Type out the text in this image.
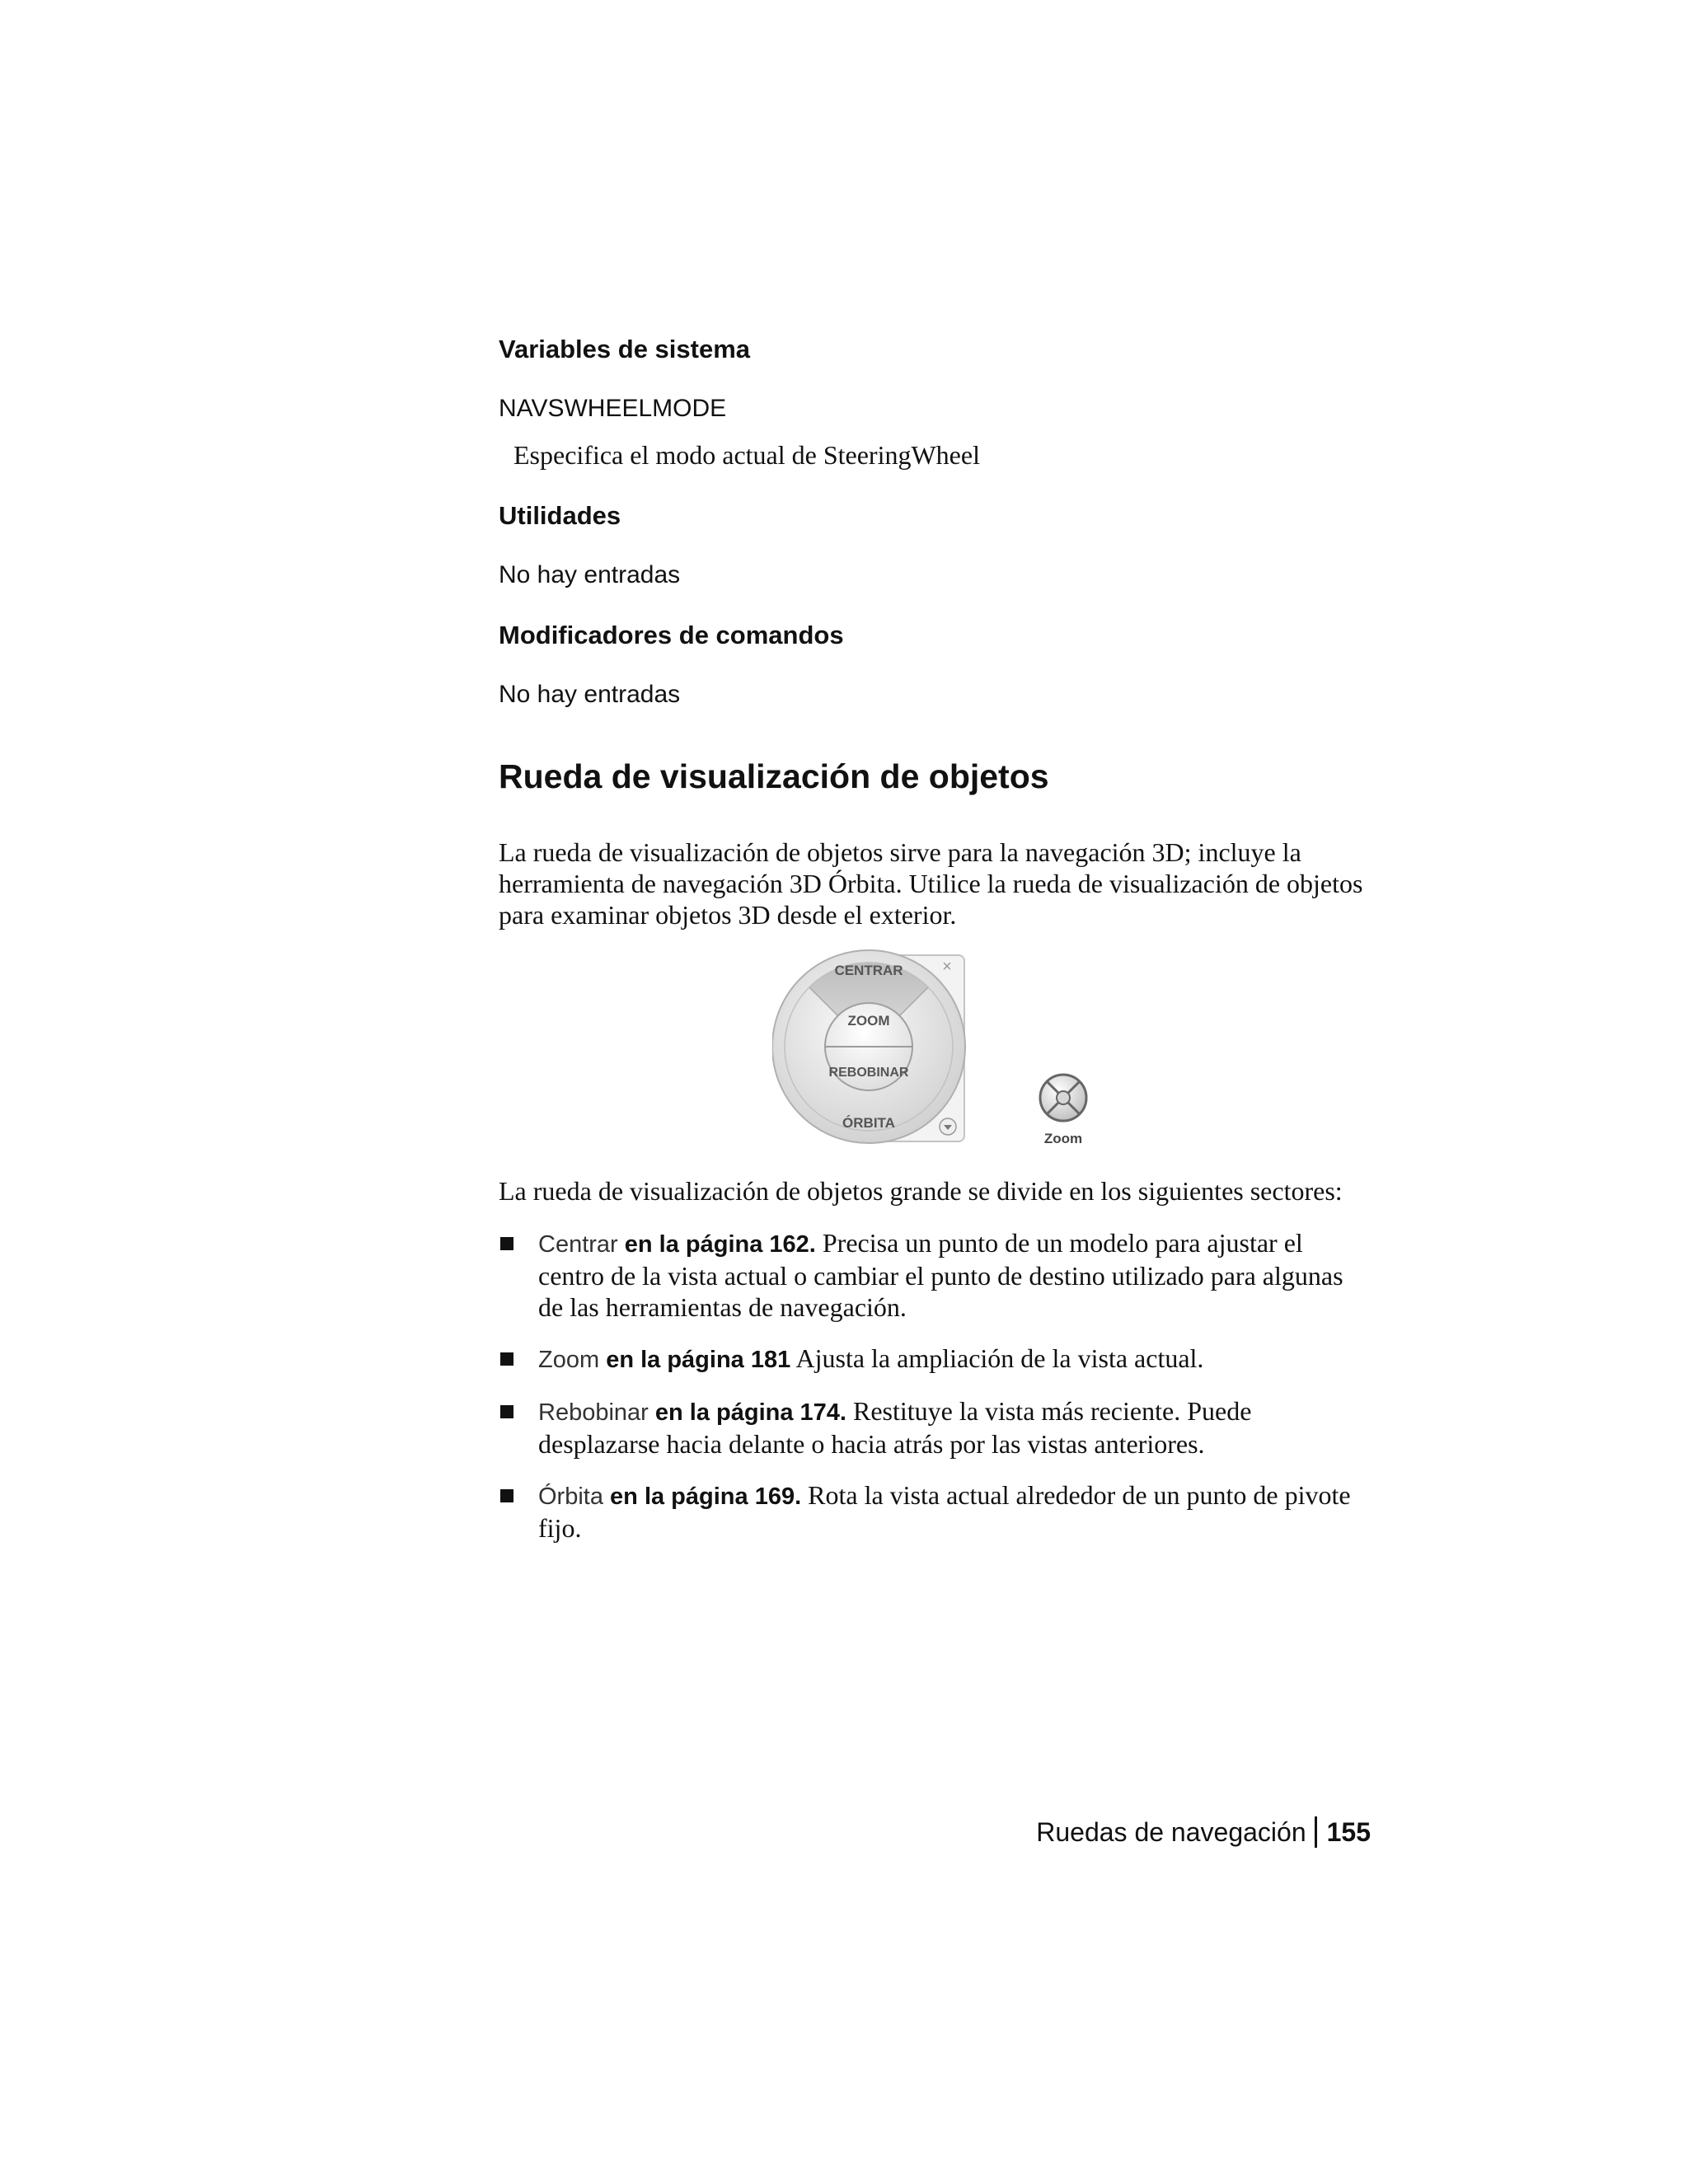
Variables de sistema

NAVSWHEELMODE

Especifica el modo actual de SteeringWheel

Utilidades

No hay entradas

Modificadores de comandos

No hay entradas

Rueda de visualización de objetos

La rueda de visualización de objetos sirve para la navegación 3D; incluye la herramienta de navegación 3D Órbita. Utilice la rueda de visualización de objetos para examinar objetos 3D desde el exterior.

CENTRAR
ZOOM
REBOBINAR
ÓRBITA
×
Zoom

La rueda de visualización de objetos grande se divide en los siguientes sectores:

Centrar en la página 162. Precisa un punto de un modelo para ajustar el centro de la vista actual o cambiar el punto de destino utilizado para algunas de las herramientas de navegación.
Zoom en la página 181 Ajusta la ampliación de la vista actual.
Rebobinar en la página 174. Restituye la vista más reciente. Puede desplazarse hacia delante o hacia atrás por las vistas anteriores.
Órbita en la página 169. Rota la vista actual alrededor de un punto de pivote fijo.
Ruedas de navegación 155
